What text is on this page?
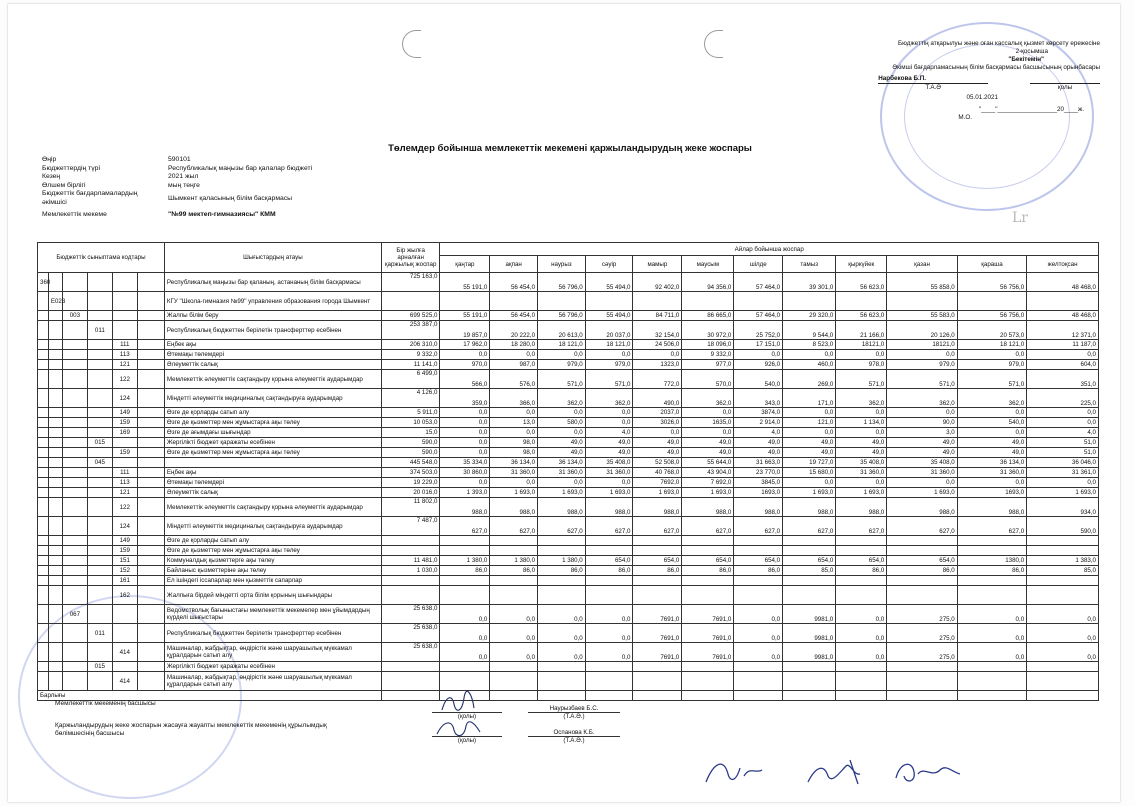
Бюджеттің атқарылуы және оған кассалық қызмет көрсету ережесіне
2-қосымша
"Бекітемін"
Әкімші бағдарламасының білім басқармасы басшысының орынбасары
Нарбекова Б.П.
Т.А.Ә	қолы
05.01.2021
"____"_________________20____ж.
М.О.
Төлемдер бойынша мемлекеттік мекемені қаржыландырудың жеке жоспары
Өңір	590101
Бюджеттердің түрі	Республикалық маңызы бар қалалар бюджеті
Кезең	2021 жыл
Өлшем бірлігі	мың теңге
Бюджеттік бағдарламалардың әкімшісі
Шымкент қаласының білім басқармасы
Мемлекеттік мекеме	"№99 мектеп-гимназиясы" КММ	Lr
Бюджеттік сыныптама кодтары						Шығыстардың атауы	Бір жылға арналған қаржылық жоспар	Айлар бойынша жоспар											
								қаңтар	ақпан	наурыз	сәуір	мамыр	маусым	шілде	тамыз	қыркүйек	қазан	қараша	желтоқсан
360						Республикалық маңызы бар қаланың, астананың білім басқармасы	725 163,0	55 191,0	56 454,0	56 796,0	55 494,0	92 402,0	94 356,0	57 464,0	39 301,0	56 623,0	55 858,0	56 756,0	48 468,0
	E023					КГУ "Школа-гимназия №99" управления образования города Шымкент													
		003				Жалпы білім беру	699 525,0	55 191,0	56 454,0	56 796,0	55 494,0	84 711,0	86 665,0	57 464,0	29 320,0	56 623,0	55 583,0	56 756,0	48 468,0
			011			Республикалық бюджеттен берілетін трансферттер есебінен	253 387,0	19 857,0	20 222,0	20 613,0	20 037,0	32 154,0	30 972,0	25 752,0	9 544,0	21 166,0	20 126,0	20 573,0	12 371,0
				111		Еңбек ақы	206 310,0	17 962,0	18 280,0	18 121,0	18 121,0	24 506,0	18 096,0	17 151,0	8 523,0	18121,0	18121,0	18 121,0	11 187,0
				113		Өтемақы төлемдері	9 332,0	0,0	0,0	0,0	0,0	0,0	9 332,0	0,0	0,0	0,0	0,0	0,0	0,0
				121		Әлеуметтік салық	11 141,0	970,0	987,0	979,0	979,0	1323,0	977,0	926,0	460,0	978,0	979,0	979,0	604,0
				122		Мемлекеттік әлеуметтік сақтандыру қорына әлеуметтік аударымдар	6 499,0	566,0	576,0	571,0	571,0	772,0	570,0	540,0	269,0	571,0	571,0	571,0	351,0
				124		Міндетті әлеуметтік медициналық сақтандыруға аударымдар	4 126,0	359,0	366,0	362,0	362,0	490,0	362,0	343,0	171,0	362,0	362,0	362,0	225,0
				149		Өзге де қорларды сатып алу	5 911,0	0,0	0,0	0,0	0,0	2037,0	0,0	3874,0	0,0	0,0	0,0	0,0	0,0
				159		Өзге де қызметтер мен жұмыстарға ақы төлеу	10 053,0	0,0	13,0	580,0	0,0	3026,0	1635,0	2 914,0	121,0	1 134,0	90,0	540,0	0,0
				169		Өзге де ағымдағы шығындар	15,0	0,0	0,0	0,0	4,0	0,0	0,0	4,0	0,0	0,0	3,0	0,0	4,0
			015			Жергілікті бюджет қаражаты есебінен	590,0	0,0	98,0	49,0	49,0	49,0	49,0	49,0	49,0	49,0	49,0	49,0	51,0
				159		Өзге де қызметтер мен жұмыстарға ақы төлеу	590,0	0,0	98,0	49,0	49,0	49,0	49,0	49,0	49,0	49,0	49,0	49,0	51,0
			045				445 548,0	35 334,0	36 134,0	36 134,0	35 408,0	52 508,0	55 644,0	31 663,0	19 727,0	35 408,0	35 408,0	36 134,0	36 046,0
				111		Еңбек ақы	374 503,0	30 860,0	31 360,0	31 360,0	31 360,0	40 768,0	43 904,0	23 770,0	15 680,0	31 360,0	31 360,0	31 360,0	31 361,0
				113		Өтемақы төлемдері	19 229,0	0,0	0,0	0,0	0,0	7692,0	7 692,0	3845,0	0,0	0,0	0,0	0,0	0,0
				121		Әлеуметтік салық	20 016,0	1 393,0	1 693,0	1 693,0	1 693,0	1 693,0	1 693,0	1693,0	1 693,0	1 693,0	1 693,0	1693,0	1 693,0
				122		Мемлекеттік әлеуметтік сақтандыру қорына әлеуметтік аударымдар	11 802,0	988,0	988,0	988,0	988,0	988,0	988,0	988,0	988,0	988,0	988,0	988,0	934,0
				124		Міндетті әлеуметтік медициналық сақтандыруға аударымдар	7 487,0	627,0	627,0	627,0	627,0	627,0	627,0	627,0	627,0	627,0	627,0	627,0	590,0
				149		Өзге де қорларды сатып алу													
				159		Өзге де қызметтер мен жұмыстарға ақы төлеу													
				151		Коммуналдық қызметтерге ақы төлеу	11 481,0	1 380,0	1 380,0	1 380,0	654,0	654,0	654,0	654,0	654,0	654,0	654,0	1380,0	1 383,0
				152		Байланыс қызметтеріне ақы төлеу	1 030,0	86,0	86,0	86,0	86,0	86,0	86,0	86,0	85,0	86,0	86,0	86,0	85,0
				161		Ел ішіндегі іссапарлар мен қызметтік сапарлар													
				162		Жалпыға бірдей міндетті орта білім қорының шығындары													
		067				Ведомстволық бағыныстағы мемлекеттік мекемелер мен ұйымдардың күрделі шығыстары	25 638,0	0,0	0,0	0,0	0,0	7691,0	7691,0	0,0	9981,0	0,0	275,0	0,0	0,0
			011			Республикалық бюджеттен берілетін трансферттер есебінен	25 638,0	0,0	0,0	0,0	0,0	7691,0	7691,0	0,0	9981,0	0,0	275,0	0,0	0,0
				414		Машиналар, жабдықтар, өндірістік және шаруашылық мүккамал құралдарын сатып алу	25 638,0	0,0	0,0	0,0	0,0	7691,0	7691,0	0,0	9981,0	0,0	275,0	0,0	0,0
			015			Жергілікті бюджет қаражаты есебінен													
				414		Машиналар, жабдықтар, өндірістік және шаруашылық мүккамал құралдарын сатып алу													
Барлығы																			
Мемлекеттік мекеменің басшысы
Қаржыландырудың жеке жоспарын жасауға жауапты мемлекеттік мекеменің құрылымдық бөлімшесінің басшысы
(қолы)
Наурызбаев Б.С.
(Т.А.Ә.)
(қолы)
Оспанова К.Б.
(Т.А.Ә.)
